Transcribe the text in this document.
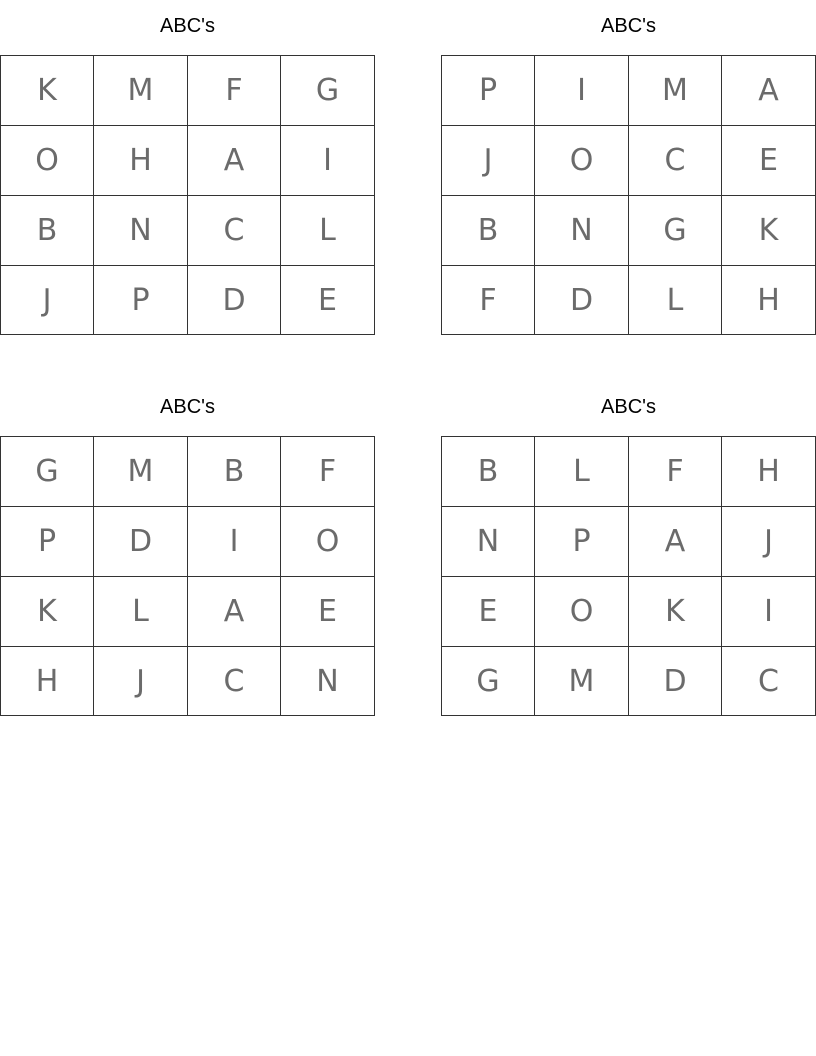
ABC's
K	M	F	G
O	H	A	I
B	N	C	L
J	P	D	E
ABC's
P	I	M	A
J	O	C	E
B	N	G	K
F	D	L	H
ABC's
G	M	B	F
P	D	I	O
K	L	A	E
H	J	C	N
ABC's
B	L	F	H
N	P	A	J
E	O	K	I
G	M	D	C
